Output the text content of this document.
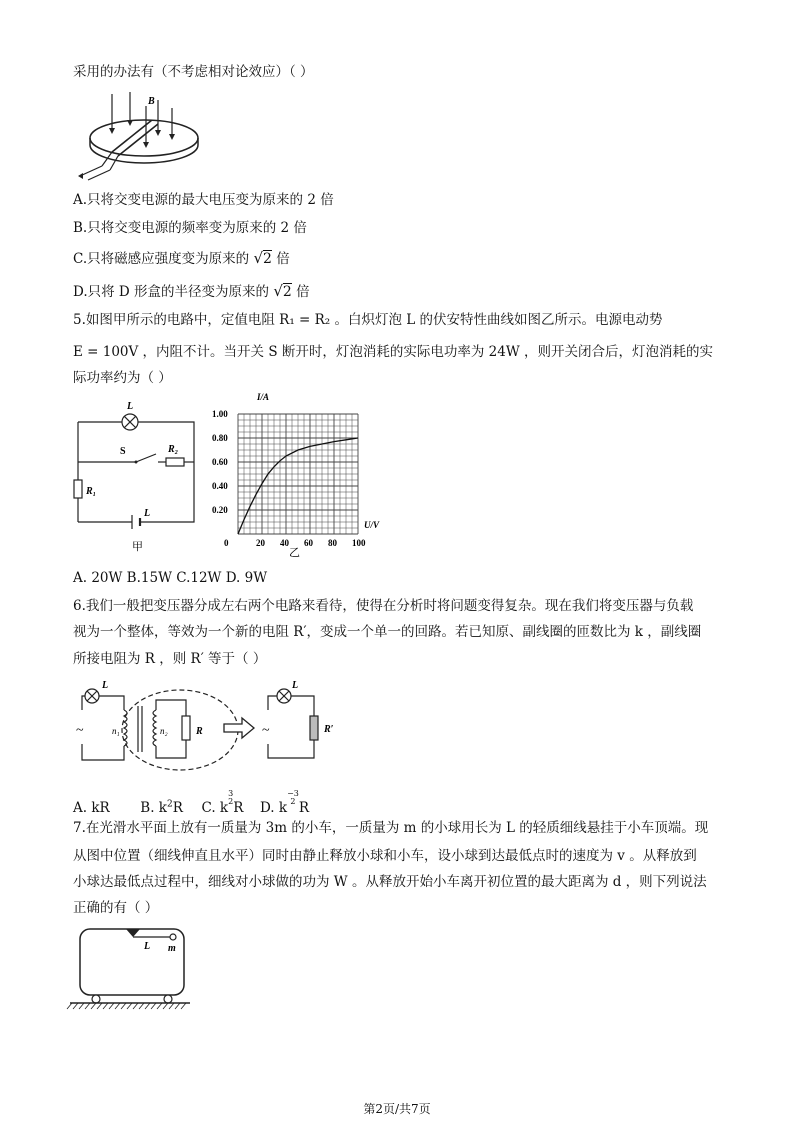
采用的办法有（不考虑相对论效应）（ ）
B
A.只将交变电源的最大电压变为原来的 2 倍
B.只将交变电源的频率变为原来的 2 倍
C.只将磁感应强度变为原来的 √2 倍
D.只将 D 形盒的半径变为原来的 √2 倍
5.如图甲所示的电路中，定值电阻 R₁ = R₂ 。白炽灯泡 L 的伏安特性曲线如图乙所示。电源电动势
E = 100V ，内阻不计。当开关 S 断开时，灯泡消耗的实际电功率为 24W ，则开关闭合后，灯泡消耗的实
际功率约为（ ）
L
S	R₂
R₁
L
甲	0	20 40 60 80 100
1.00
0.80
0.60
0.40
0.20
I/A
U/V
乙
A. 20W B.15W C.12W D. 9W
6.我们一般把变压器分成左右两个电路来看待，使得在分析时将问题变得复杂。现在我们将变压器与负载
视为一个整体，等效为一个新的电阻 R′，变成一个单一的回路。若已知原、副线圈的匝数比为 k ，副线圈
所接电阻为 R ，则 R′ 等于（ ）
L
~	n₁	n₂	R
L
~	R′
A. kR B. $k^2R$ C. $k^{3 2}R$ D. $k^{-3 2}$ R
7.在光滑水平面上放有一质量为 3m 的小车，一质量为 m 的小球用长为 L 的轻质细线悬挂于小车顶端。现
从图中位置（细线伸直且水平）同时由静止释放小球和小车，设小球到达最低点时的速度为 v 。从释放到
小球达最低点过程中，细线对小球做的功为 W 。从释放开始小车离开初位置的最大距离为 d ，则下列说法
正确的有（ ）
L m
第2页/共7页
